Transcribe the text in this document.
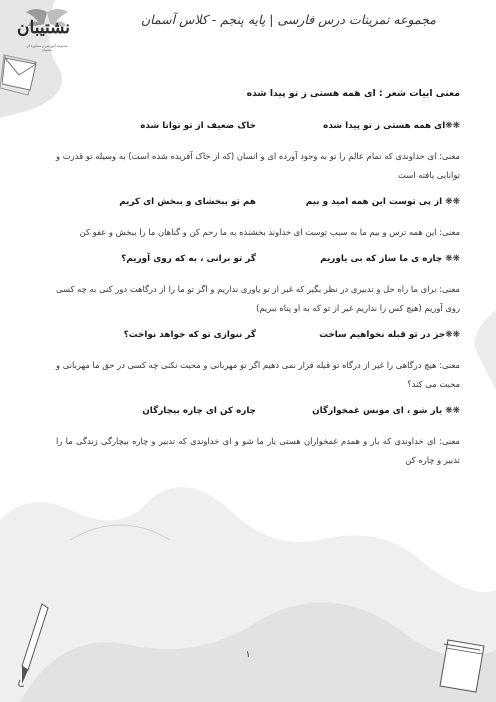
مجموعه تمرینات درس فارسی | پایه پنجم - کلاس آسمان
نشتیبان
مجموعه آموزشی و مشاوره ای نشتیبان
معنی ابیات شعر : ای همه هستی ز تو پیدا شده
❋❋ای همه هستی ز تو پیدا شده
خاک ضعیف از تو توانا شده
معنی: ای خداوندی که تمام عالم را تو به وجود آورده ای و انسان (که از خاک آفریده شده است) به وسیله تو قدرت و توانایی یافته است
❋❋ از پی توست این همه امید و بیم
هم تو ببخشای و ببخش ای کریم
معنی: این همه ترس و بیم ما به سبب توست ای خداوند بخشنده به ما رحم کن و گناهان ما را ببخش و عفو کن
❋❋ چاره ی ما ساز که بی یاوریم
گر تو برانی ، به که روی آوریم؟
معنی: برای ما راه حل و تدبیری در نظر بگیر که غیر از تو یاوری نداریم و اگر تو ما را از درگاهت دور کنی به چه کسی روی آوریم (هیچ کس را نداریم غیر از تو که به او پناه ببریم)
❋❋جز در تو قبله نخواهیم ساخت
گر ننوازی تو که خواهد نواخت؟
معنی: هیچ درگاهی را غیر از درگاه تو قبله قرار نمی دهیم اگر تو مهربانی و محبت نکنی چه کسی در حق ما مهربانی و محبت می کند؟
❋❋ یار شو ، ای مونس غمخوارگان
چاره کن ای چاره بیچارگان
معنی: ای خداوندی که یار و همدم غمخواران هستی یار ما شو و ای خداوندی که تدبیر و چاره بیچارگی زندگی ما را تدبیر و چاره کن
۱
